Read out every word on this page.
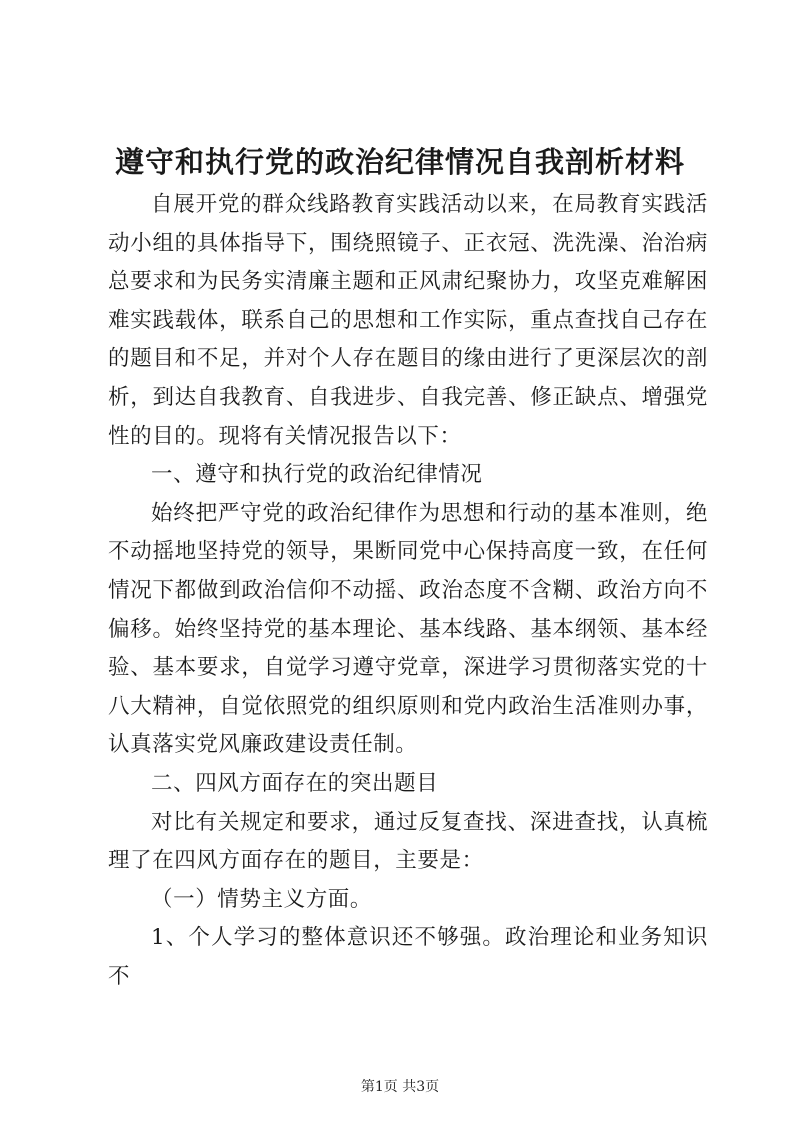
遵守和执行党的政治纪律情况自我剖析材料

自展开党的群众线路教育实践活动以来，在局教育实践活动小组的具体指导下，围绕照镜子、正衣冠、洗洗澡、治治病总要求和为民务实清廉主题和正风肃纪聚协力，攻坚克难解困难实践载体，联系自己的思想和工作实际，重点查找自己存在的题目和不足，并对个人存在题目的缘由进行了更深层次的剖析，到达自我教育、自我进步、自我完善、修正缺点、增强党性的目的。现将有关情况报告以下：

一、遵守和执行党的政治纪律情况

始终把严守党的政治纪律作为思想和行动的基本准则，绝不动摇地坚持党的领导，果断同党中心保持高度一致，在任何情况下都做到政治信仰不动摇、政治态度不含糊、政治方向不偏移。始终坚持党的基本理论、基本线路、基本纲领、基本经验、基本要求，自觉学习遵守党章，深进学习贯彻落实党的十八大精神，自觉依照党的组织原则和党内政治生活准则办事，认真落实党风廉政建设责任制。

二、四风方面存在的突出题目

对比有关规定和要求，通过反复查找、深进查找，认真梳理了在四风方面存在的题目，主要是：

（一）情势主义方面。

1、个人学习的整体意识还不够强。政治理论和业务知识不

第1页 共3页
